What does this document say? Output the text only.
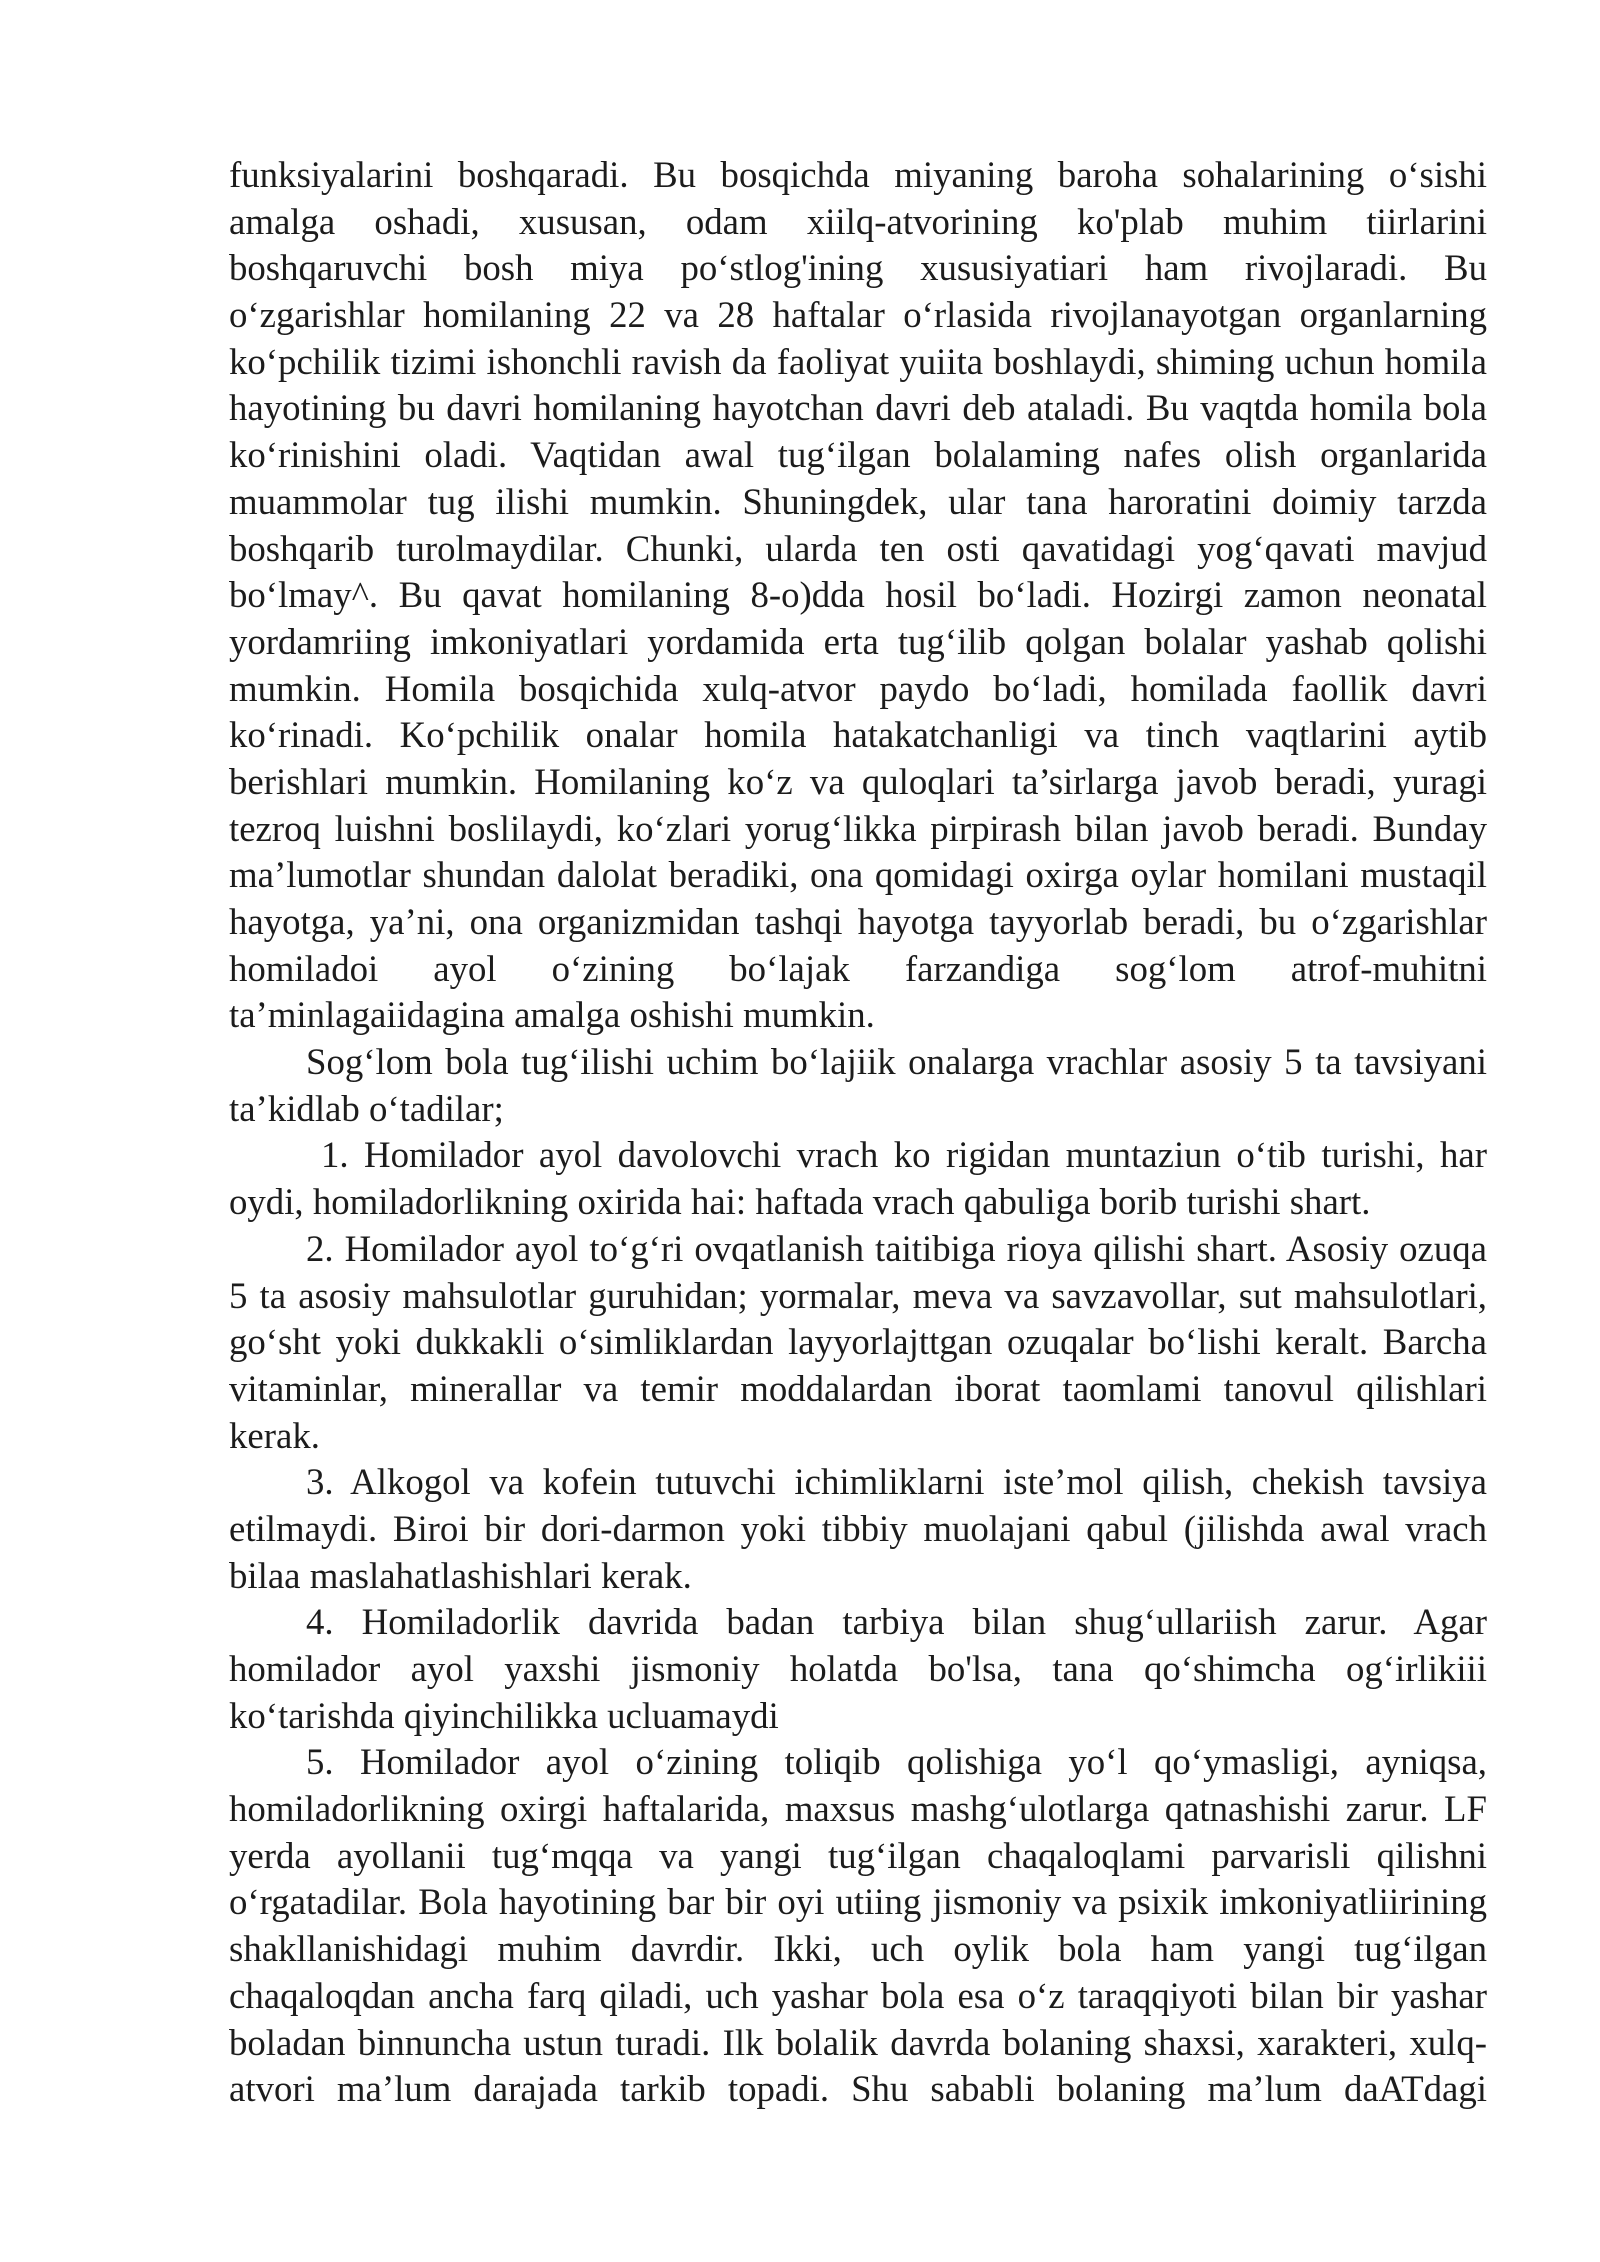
funksiyalarini boshqaradi. Bu bosqichda miyaning baroha sohalarining o‘sishi
amalga oshadi, xususan, odam xiilq-atvorining ko'plab muhim tiirlarini
boshqaruvchi bosh miya po‘stlog'ining xususiyatiari ham rivojlaradi. Bu
o‘zgarishlar homilaning 22 va 28 haftalar o‘rlasida rivojlanayotgan organlarning
ko‘pchilik tizimi ishonchli ravish da faoliyat yuiita boshlaydi, shiming uchun homila
hayotining bu davri homilaning hayotchan davri deb ataladi. Bu vaqtda homila bola
ko‘rinishini oladi. Vaqtidan awal tug‘ilgan bolalaming nafes olish organlarida
muammolar tug ilishi mumkin. Shuningdek, ular tana haroratini doimiy tarzda
boshqarib turolmaydilar. Chunki, ularda ten osti qavatidagi yog‘qavati mavjud
bo‘lmay^. Bu qavat homilaning 8-o)dda hosil bo‘ladi. Hozirgi zamon neonatal
yordamriing imkoniyatlari yordamida erta tug‘ilib qolgan bolalar yashab qolishi
mumkin. Homila bosqichida xulq-atvor paydo bo‘ladi, homilada faollik davri
ko‘rinadi. Ko‘pchilik onalar homila hatakatchanligi va tinch vaqtlarini aytib
berishlari mumkin. Homilaning ko‘z va quloqlari ta’sirlarga javob beradi, yuragi
tezroq luishni boslilaydi, ko‘zlari yorug‘likka pirpirash bilan javob beradi. Bunday
ma’lumotlar shundan dalolat beradiki, ona qomidagi oxirga oylar homilani mustaqil
hayotga, ya’ni, ona organizmidan tashqi hayotga tayyorlab beradi, bu o‘zgarishlar
homiladoi ayol o‘zining bo‘lajak farzandiga sog‘lom atrof-muhitni
ta’minlagaiidagina amalga oshishi mumkin.
Sog‘lom bola tug‘ilishi uchim bo‘lajiik onalarga vrachlar asosiy 5 ta tavsiyani
ta’kidlab o‘tadilar;
1. Homilador ayol davolovchi vrach ko rigidan muntaziun o‘tib turishi, har
oydi, homiladorlikning oxirida hai: haftada vrach qabuliga borib turishi shart.
2. Homilador ayol to‘g‘ri ovqatlanish taitibiga rioya qilishi shart. Asosiy ozuqa
5 ta asosiy mahsulotlar guruhidan; yormalar, meva va savzavollar, sut mahsulotlari,
go‘sht yoki dukkakli o‘simliklardan layyorlajttgan ozuqalar bo‘lishi keralt. Barcha
vitaminlar, minerallar va temir moddalardan iborat taomlami tanovul qilishlari
kerak.
3. Alkogol va kofein tutuvchi ichimliklarni iste’mol qilish, chekish tavsiya
etilmaydi. Biroi bir dori-darmon yoki tibbiy muolajani qabul (jilishda awal vrach
bilaa maslahatlashishlari kerak.
4. Homiladorlik davrida badan tarbiya bilan shug‘ullariish zarur. Agar
homilador ayol yaxshi jismoniy holatda bo'lsa, tana qo‘shimcha og‘irlikiii
ko‘tarishda qiyinchilikka ucluamaydi
5. Homilador ayol o‘zining toliqib qolishiga yo‘l qo‘ymasligi, ayniqsa,
homiladorlikning oxirgi haftalarida, maxsus mashg‘ulotlarga qatnashishi zarur. LF
yerda ayollanii tug‘mqqa va yangi tug‘ilgan chaqaloqlami parvarisli qilishni
o‘rgatadilar. Bola hayotining bar bir oyi utiing jismoniy va psixik imkoniyatliirining
shakllanishidagi muhim davrdir. Ikki, uch oylik bola ham yangi tug‘ilgan
chaqaloqdan ancha farq qiladi, uch yashar bola esa o‘z taraqqiyoti bilan bir yashar
boladan binnuncha ustun turadi. Ilk bolalik davrda bolaning shaxsi, xarakteri, xulq-
atvori ma’lum darajada tarkib topadi. Shu sababli bolaning ma’lum daATdagi
